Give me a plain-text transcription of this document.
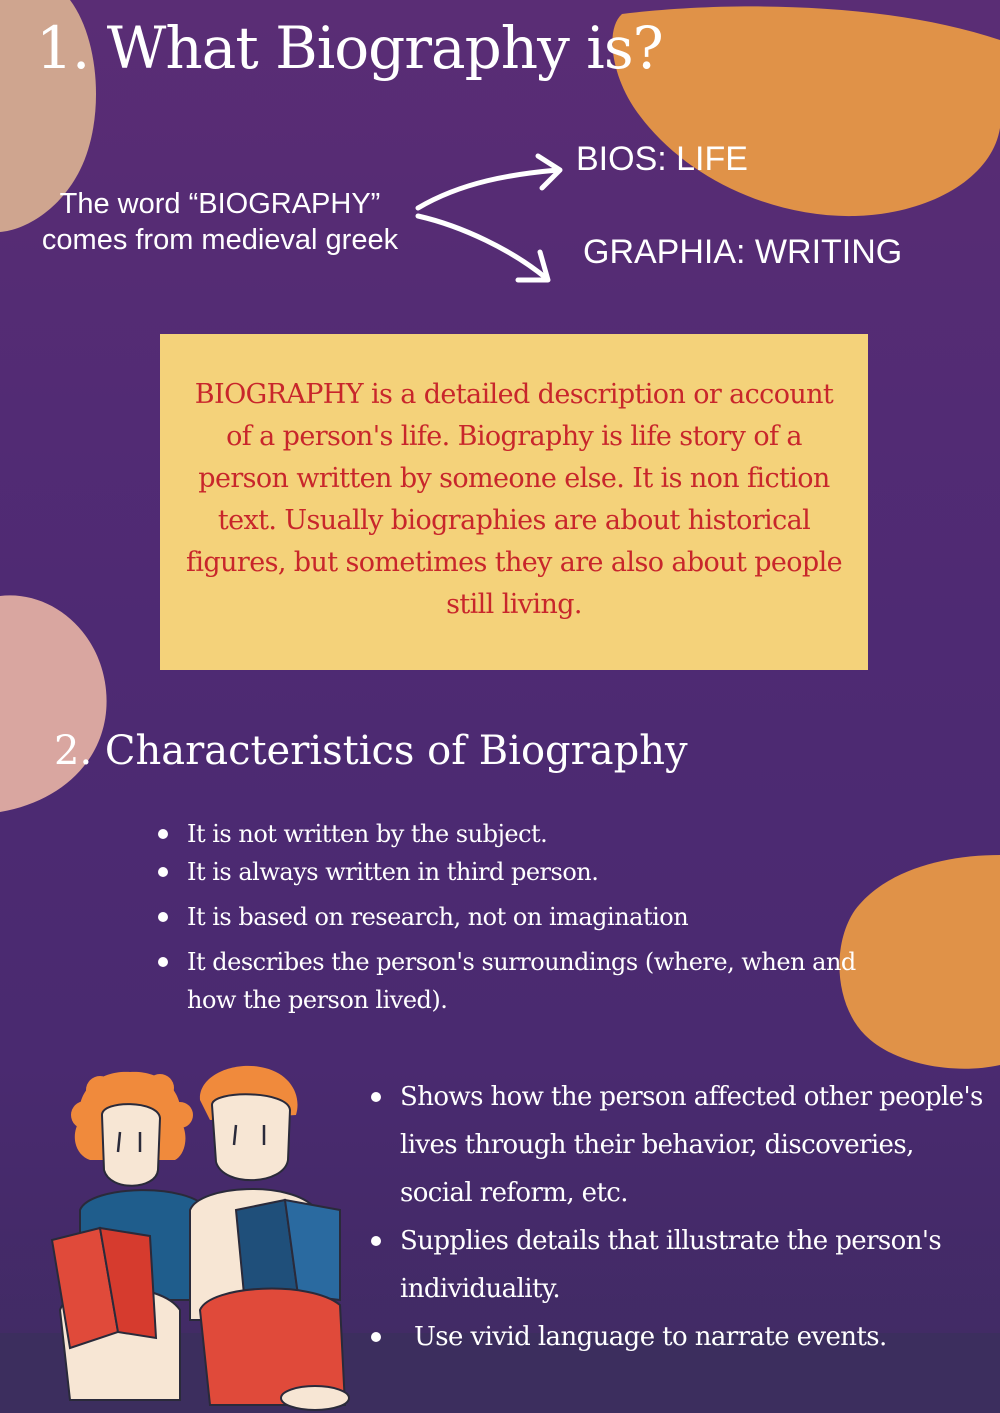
1. What Biography is?
The word “BIOGRAPHY” comes from medieval greek
BIOS: LIFE
GRAPHIA: WRITING

BIOGRAPHY is a detailed description or account of a person's life. Biography is life story of a person written by someone else. It is non fiction text. Usually biographies are about historical figures, but sometimes they are also about people still living.

2. Characteristics of Biography
It is not written by the subject.
It is always written in third person.
It is based on research, not on imagination
It describes the person's surroundings (where, when and how the person lived).
Shows how the person affected other people's lives through their behavior, discoveries, social reform, etc.
Supplies details that illustrate the person's individuality.
Use vivid language to narrate events.
